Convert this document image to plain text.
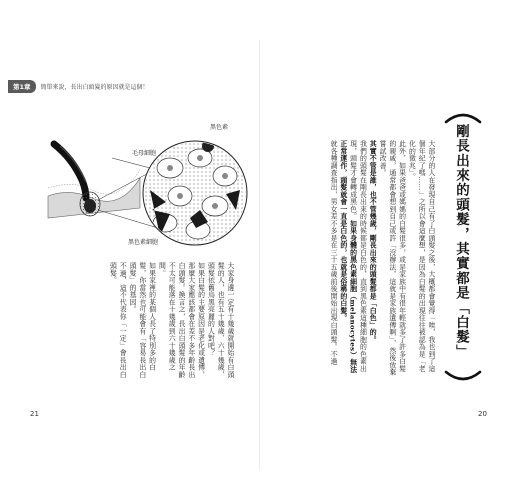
第1章	簡單來說，長出白頭髮的原因就是這個！
毛母細胞
黑色素
黑色素細胞
大家身邊一定有十幾歲就開始有白頭髮的人，也有五十幾歲、六十幾歲，頭髮依舊烏黑亮麗的人對吧？
如果白髮的主要原因是老化或遺傳，那麼大家應該都會在差不多年齡長出白頭髮。換言之，長出白頭髮的年齡不太可能落在十幾歲到六十幾歲之間。
如果家裡的某個人長了特別多的白髮，你當然也可能會有「容易長出白頭髮」的基因。
不過，這不代表你「一定」會長出白頭髮。
21
大部分的人在發現自己有了白頭髮之後，大概都會覺得「唉，我也到了這個年紀了嗎……」之所以會這麼想，是因為白髮的出現往往被認為是「老化的徵兆」。
此外，如果爸爸或媽媽的白髮很多，或是家族中有很年輕就多了許多白髮的親戚，通常都會想到自己或許「沒辦法，這就是家族遺傳啊」，然後放棄嘗試改善。
其實不管是誰，也不管幾歲，剛長出來的頭髮都是「白色」的。
我們的頭髮在剛長出來的時候都是白色的，直到黑色素這種細胞的色素出現，頭髮才會轉成黑色。如果身體的黑色素細胞（melanocytes）無法正常運作，頭髮就會一直是白色的，也就是俗稱的白髮。
就各種調查指出，男女差不多是在三十五歲前後開始出現白頭髮。不過	剛長出來的頭髮，其實都是「白髮」
20
